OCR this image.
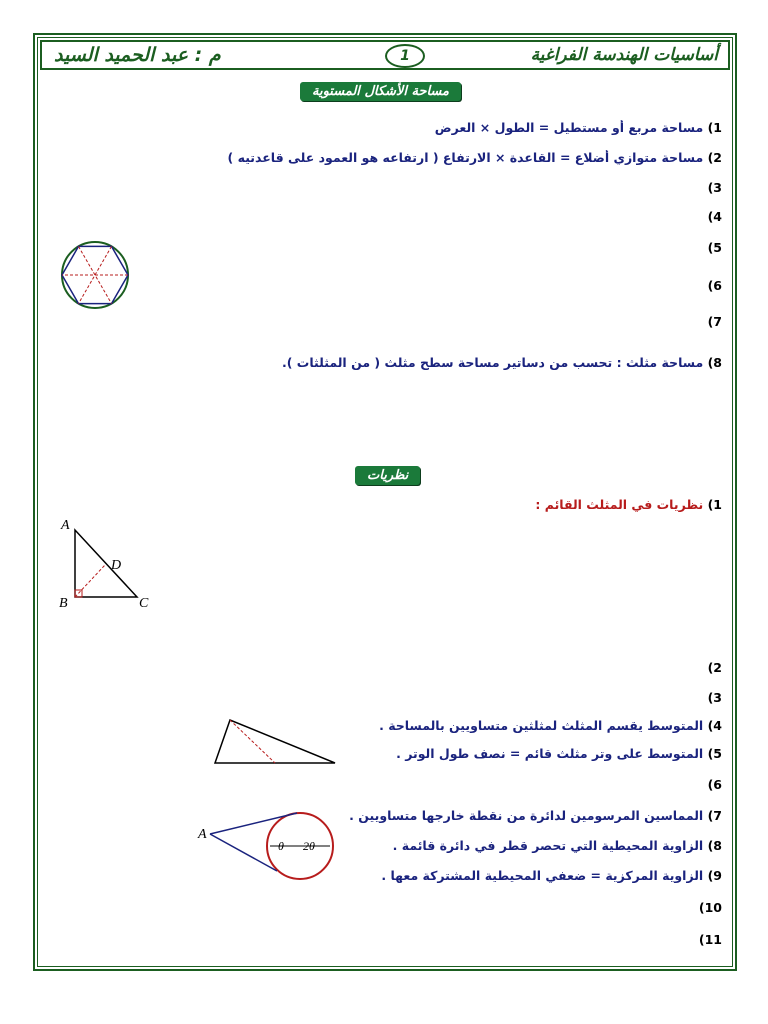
أساسيات الهندسة الفراغية
1
م : عبد الحميد السيد
مساحة الأشكال المستوية
1) مساحة مربع أو مستطيل = الطول × العرض
2) مساحة متوازي أضلاع = القاعدة × الارتفاع ( ارتفاعه هو العمود على قاعدتيه )
3)
4)
5)
6)
7)
8) مساحة مثلث : تحسب من دساتير مساحة سطح مثلث ( من المثلثات ).
نظريات
1) نظريات في المثلث القائم :
2)
3)
4) المتوسط يقسم المثلث لمثلثين متساويين بالمساحة .
5) المتوسط على وتر مثلث قائم = نصف طول الوتر .
6)
7) المماسين المرسومين لدائرة من نقطة خارجها متساويين .
8) الزاوية المحيطية التي تحصر قطر في دائرة قائمة .
9) الزاوية المركزية = ضعفي المحيطية المشتركة معها .
10)
11)
A
B	C
D
A
θ 2θ
